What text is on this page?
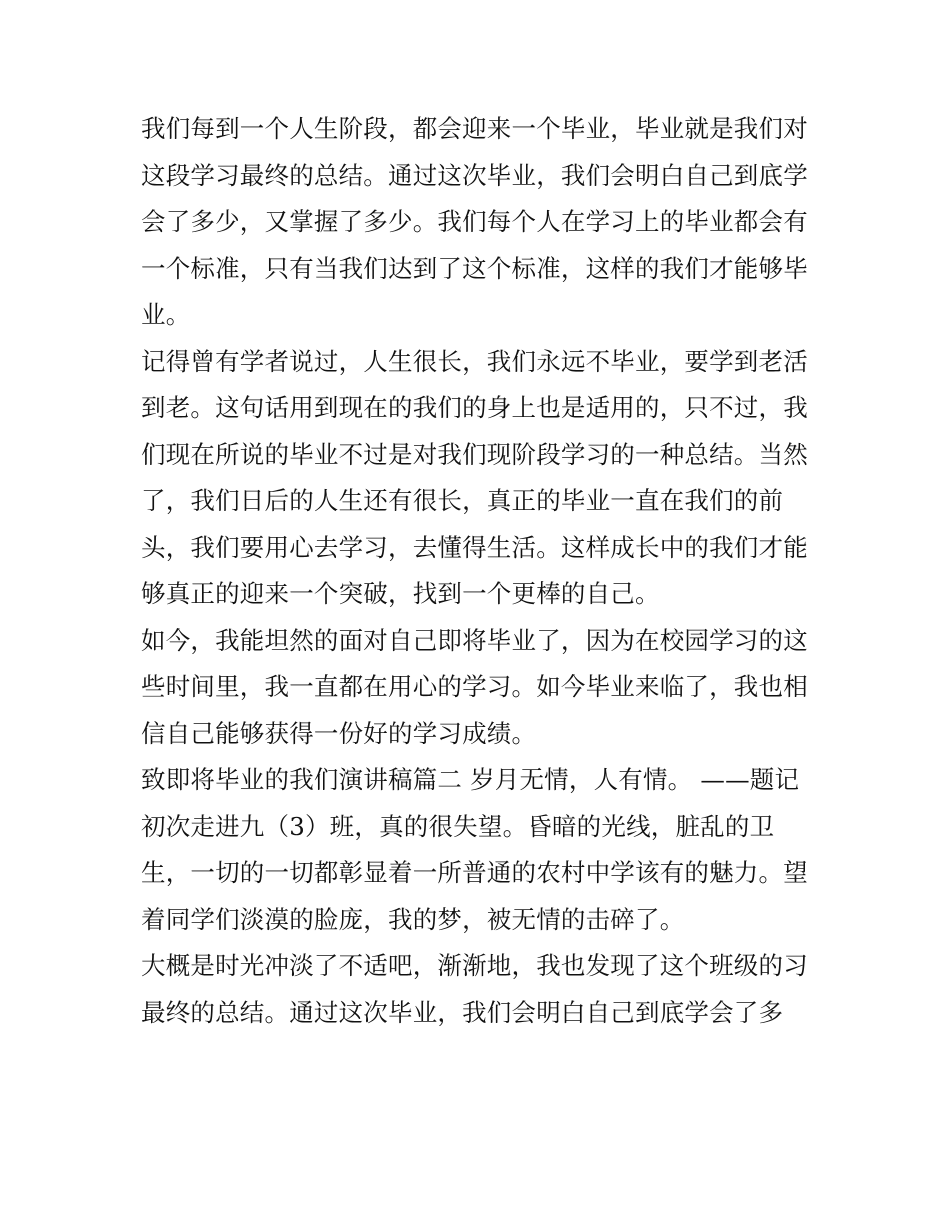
我们每到一个人生阶段，都会迎来一个毕业，毕业就是我们对
这段学习最终的总结。通过这次毕业，我们会明白自己到底学
会了多少，又掌握了多少。我们每个人在学习上的毕业都会有
一个标准，只有当我们达到了这个标准，这样的我们才能够毕
业。
记得曾有学者说过，人生很长，我们永远不毕业，要学到老活
到老。这句话用到现在的我们的身上也是适用的，只不过，我
们现在所说的毕业不过是对我们现阶段学习的一种总结。当然
了，我们日后的人生还有很长，真正的毕业一直在我们的前
头，我们要用心去学习，去懂得生活。这样成长中的我们才能
够真正的迎来一个突破，找到一个更棒的自己。
如今，我能坦然的面对自己即将毕业了，因为在校园学习的这
些时间里，我一直都在用心的学习。如今毕业来临了，我也相
信自己能够获得一份好的学习成绩。
致即将毕业的我们演讲稿篇二 岁月无情，人有情。 ——题记
初次走进九（3）班，真的很失望。昏暗的光线，脏乱的卫
生，一切的一切都彰显着一所普通的农村中学该有的魅力。望
着同学们淡漠的脸庞，我的梦，被无情的击碎了。
大概是时光冲淡了不适吧，渐渐地，我也发现了这个班级的习
最终的总结。通过这次毕业，我们会明白自己到底学会了多
